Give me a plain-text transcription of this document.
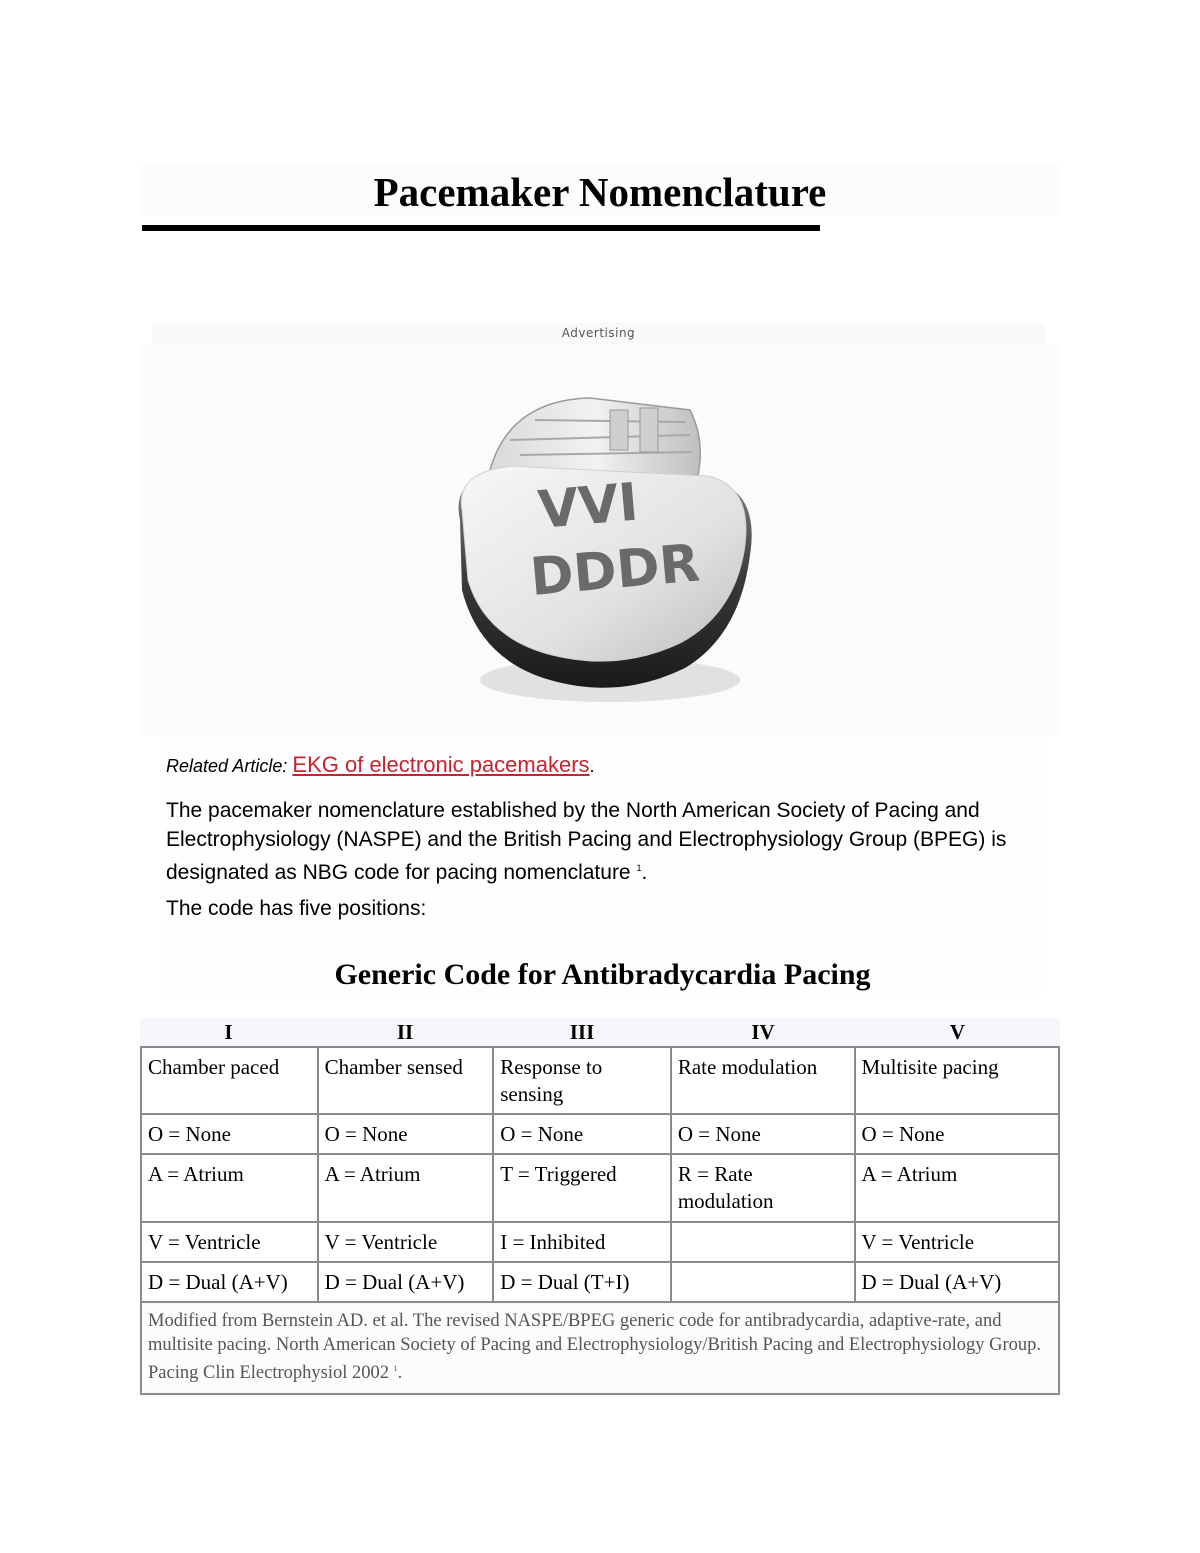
Pacemaker Nomenclature
Advertising
VVI
DDDR
Related Article: EKG of electronic pacemakers.

The pacemaker nomenclature established by the North American Society of Pacing and Electrophysiology (NASPE) and the British Pacing and Electrophysiology Group (BPEG) is designated as NBG code for pacing nomenclature $^1$.

The code has five positions:

Generic Code for Antibradycardia Pacing
I	II	III	IV	V
Chamber paced	Chamber sensed	Response to sensing	Rate modulation	Multisite pacing
O = None	O = None	O = None	O = None	O = None
A = Atrium	A = Atrium	T = Triggered	R = Rate modulation	A = Atrium
V = Ventricle	V = Ventricle	I = Inhibited		V = Ventricle
D = Dual (A+V)	D = Dual (A+V)	D = Dual (T+I)		D = Dual (A+V)
Modified from Bernstein AD. et al. The revised NASPE/BPEG generic code for antibradycardia, adaptive-rate, and multisite pacing. North American Society of Pacing and Electrophysiology/British Pacing and Electrophysiology Group. Pacing Clin Electrophysiol 2002 $^1$.				
